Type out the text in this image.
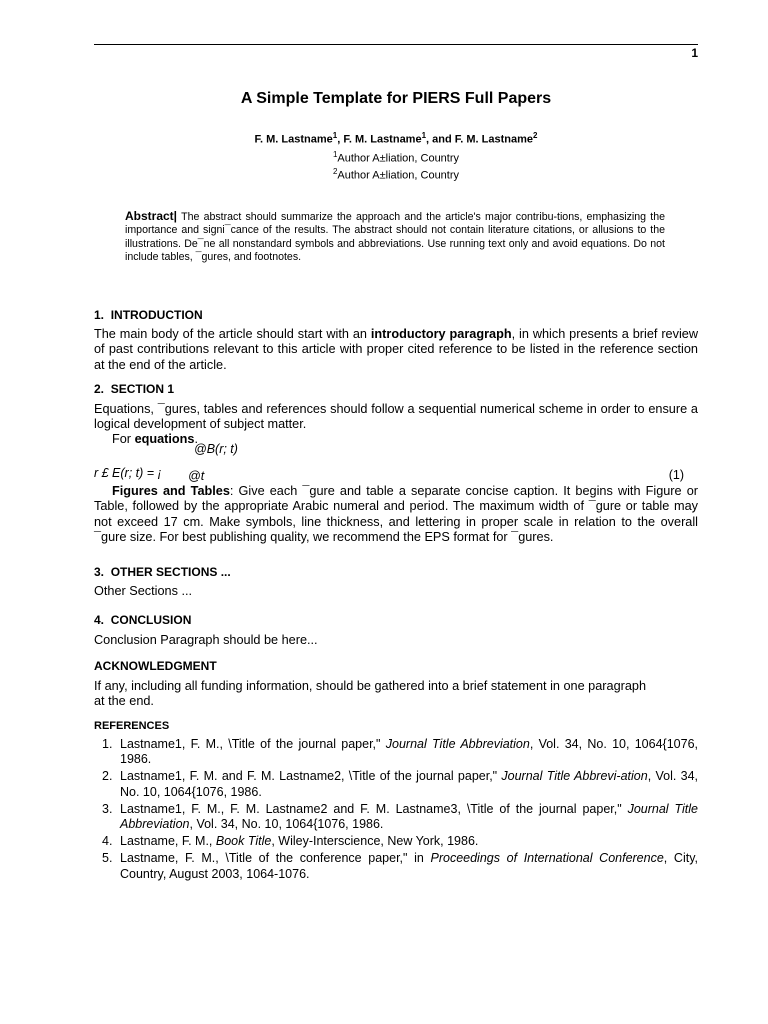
1
A Simple Template for PIERS Full Papers
F. M. Lastname$^1$, F. M. Lastname$^1$, and F. M. Lastname$^2$
$^1$Author A±liation, Country
$^2$Author A±liation, Country
Abstract| The abstract should summarize the approach and the article's major contribu-tions, emphasizing the importance and signi¯cance of the results. The abstract should not contain literature citations, or allusions to the illustrations. De¯ne all nonstandard symbols and abbreviations. Use running text only and avoid equations. Do not include tables, ¯gures, and footnotes.
1. INTRODUCTION
The main body of the article should start with an introductory paragraph, in which presents a brief review of past contributions relevant to this article with proper cited reference to be listed in the reference section at the end of the article.
2. SECTION 1
Equations, ¯gures, tables and references should follow a sequential numerical scheme in order to ensure a logical development of subject matter.
For equations.
@B(r; t)
r £ E(r; t) = ¡ @t	(1)
Figures and Tables: Give each ¯gure and table a separate concise caption. It begins with Figure or Table, followed by the appropriate Arabic numeral and period. The maximum width of ¯gure or table may not exceed 17 cm. Make symbols, line thickness, and lettering in proper scale in relation to the overall ¯gure size. For best publishing quality, we recommend the EPS format for ¯gures.
3. OTHER SECTIONS ...
Other Sections ...
4. CONCLUSION
Conclusion Paragraph should be here...
ACKNOWLEDGMENT
If any, including all funding information, should be gathered into a brief statement in one paragraph at the end.
REFERENCES
1. Lastname1, F. M., \Title of the journal paper," Journal Title Abbreviation, Vol. 34, No. 10, 1064{1076, 1986.
2. Lastname1, F. M. and F. M. Lastname2, \Title of the journal paper," Journal Title Abbrevi-ation, Vol. 34, No. 10, 1064{1076, 1986.
3. Lastname1, F. M., F. M. Lastname2 and F. M. Lastname3, \Title of the journal paper," Journal Title Abbreviation, Vol. 34, No. 10, 1064{1076, 1986.
4. Lastname, F. M., Book Title, Wiley-Interscience, New York, 1986.
5. Lastname, F. M., \Title of the conference paper," in Proceedings of International Conference, City, Country, August 2003, 1064-1076.
